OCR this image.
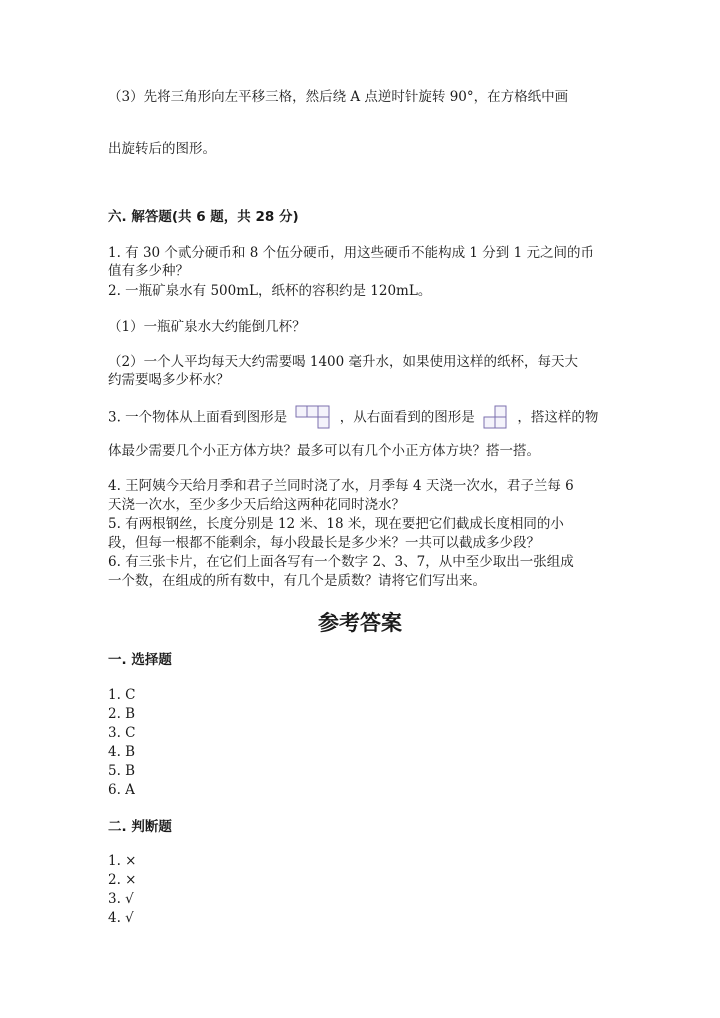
（3）先将三角形向左平移三格，然后绕 A 点逆时针旋转 90°，在方格纸中画
出旋转后的图形。
六. 解答题(共 6 题，共 28 分)
1. 有 30 个贰分硬币和 8 个伍分硬币，用这些硬币不能构成 1 分到 1 元之间的币
值有多少种？
2. 一瓶矿泉水有 500mL，纸杯的容积约是 120mL。
（1）一瓶矿泉水大约能倒几杯？
（2）一个人平均每天大约需要喝 1400 毫升水，如果使用这样的纸杯，每天大
约需要喝多少杯水？
3. 一个物体从上面看到图形是	，从右面看到的图形是	，搭这样的物
体最少需要几个小正方体方块？最多可以有几个小正方体方块？搭一搭。
4. 王阿姨今天给月季和君子兰同时浇了水，月季每 4 天浇一次水，君子兰每 6
天浇一次水，至少多少天后给这两种花同时浇水？
5. 有两根钢丝，长度分别是 12 米、18 米，现在要把它们截成长度相同的小
段，但每一根都不能剩余，每小段最长是多少米？一共可以截成多少段？
6. 有三张卡片，在它们上面各写有一个数字 2、3、7，从中至少取出一张组成
一个数，在组成的所有数中，有几个是质数？请将它们写出来。
参考答案
一. 选择题
1. C
2. B
3. C
4. B
5. B
6. A
二. 判断题
1. ×
2. ×
3. √
4. √
